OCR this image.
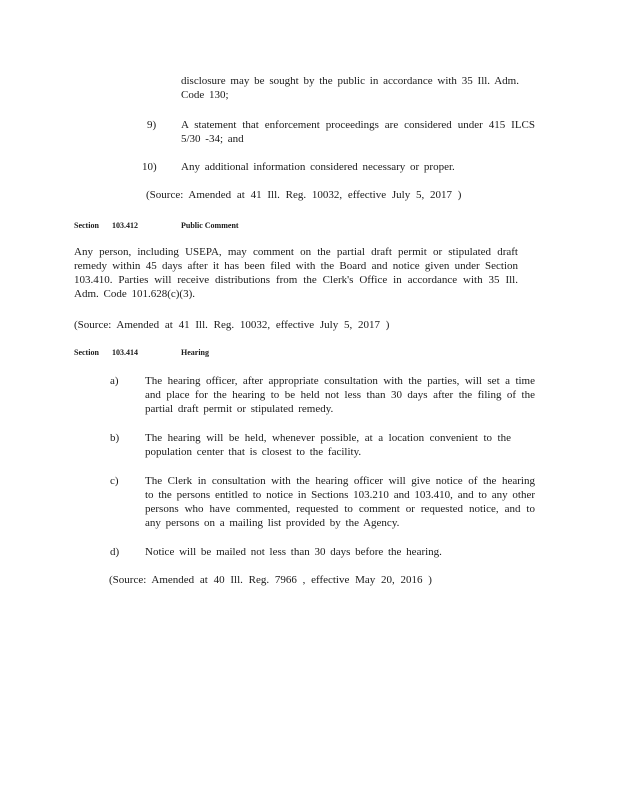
disclosure may be sought by the public in accordance with 35 Ill. Adm. Code 130;
9) A statement that enforcement proceedings are considered under 415 ILCS 5/30 -34; and
10) Any additional information considered necessary or proper.
(Source: Amended at 41 Ill. Reg. 10032, effective July 5, 2017 )
Section 103.412	Public Comment
Any person, including USEPA, may comment on the partial draft permit or stipulated draft remedy within 45 days after it has been filed with the Board and notice given under Section 103.410. Parties will receive distributions from the Clerk's Office in accordance with 35 Ill. Adm. Code 101.628(c)(3).
(Source: Amended at 41 Ill. Reg. 10032, effective July 5, 2017 )
Section 103.414	Hearing
a) The hearing officer, after appropriate consultation with the parties, will set a time and place for the hearing to be held not less than 30 days after the filing of the partial draft permit or stipulated remedy.
b) The hearing will be held, whenever possible, at a location convenient to the population center that is closest to the facility.
c) The Clerk in consultation with the hearing officer will give notice of the hearing to the persons entitled to notice in Sections 103.210 and 103.410, and to any other persons who have commented, requested to comment or requested notice, and to any persons on a mailing list provided by the Agency.
d) Notice will be mailed not less than 30 days before the hearing.
(Source: Amended at 40 Ill. Reg. 7966 , effective May 20, 2016 )
